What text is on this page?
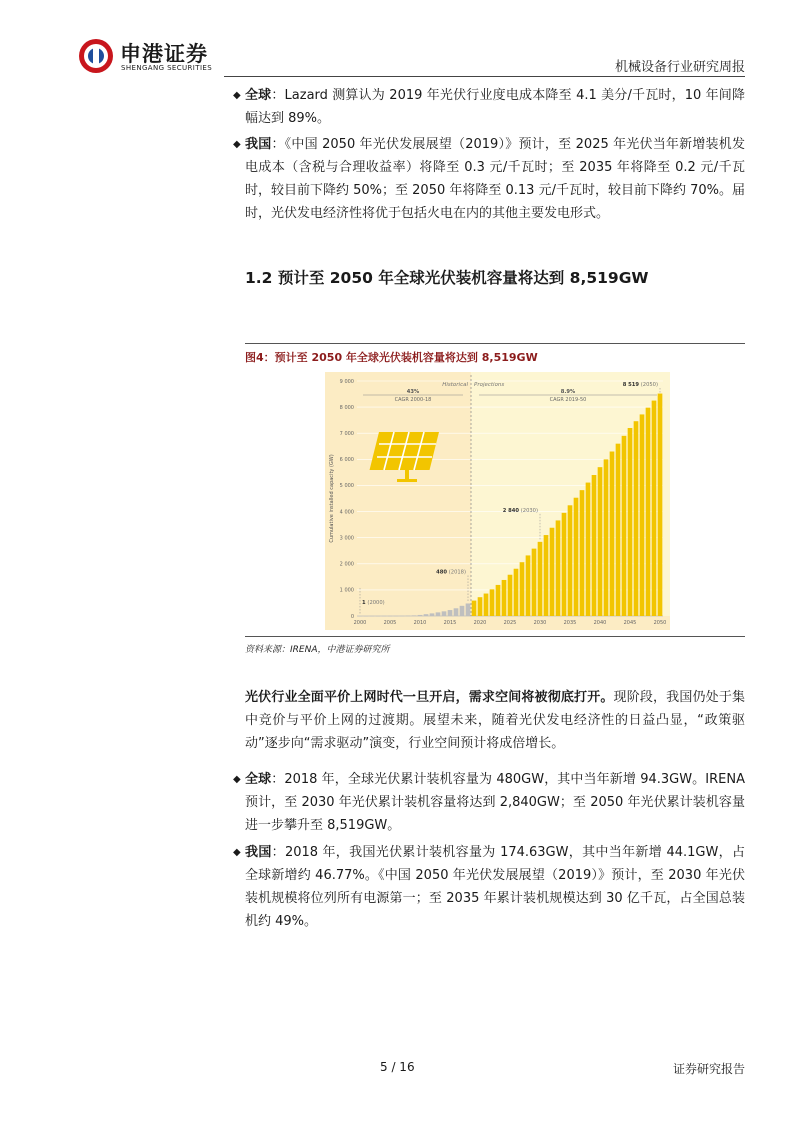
申港证券
SHENGANG SECURITIES	机械设备行业研究周报
◆ 全球：Lazard 测算认为 2019 年光伏行业度电成本降至 4.1 美分/千瓦时，10 年间降幅达到 89%。
◆ 我国：《中国 2050 年光伏发展展望（2019）》预计，至 2025 年光伏当年新增装机发电成本（含税与合理收益率）将降至 0.3 元/千瓦时；至 2035 年将降至 0.2 元/千瓦时，较目前下降约 50%；至 2050 年将降至 0.13 元/千瓦时，较目前下降约 70%。届时，光伏发电经济性将优于包括火电在内的其他主要发电形式。
1.2 预计至 2050 年全球光伏装机容量将达到 8,519GW
图4：预计至 2050 年全球光伏装机容量将达到 8,519GW
0
1 000
2 000
3 000
4 000
5 000
6 000
7 000
8 000
9 000
2000	2005	2010	2015	2020	2025	2030	2035	2040	2045	2050
1 (2000)
480 (2018)
2 840 (2030)
8 519 (2050)
Historical Projections
43%
CAGR 2000-18
8.9%
CAGR 2019-50
Cumulative installed capacity (GW)
资料来源：IRENA，中港证券研究所
光伏行业全面平价上网时代一旦开启，需求空间将被彻底打开。现阶段，我国仍处于集中竞价与平价上网的过渡期。展望未来，随着光伏发电经济性的日益凸显，“政策驱动”逐步向“需求驱动”演变，行业空间预计将成倍增长。
◆ 全球：2018 年，全球光伏累计装机容量为 480GW，其中当年新增 94.3GW。IRENA 预计，至 2030 年光伏累计装机容量将达到 2,840GW；至 2050 年光伏累计装机容量进一步攀升至 8,519GW。
◆ 我国：2018 年，我国光伏累计装机容量为 174.63GW，其中当年新增 44.1GW，占全球新增约 46.77%。《中国 2050 年光伏发展展望（2019）》预计，至 2030 年光伏装机规模将位列所有电源第一；至 2035 年累计装机规模达到 30 亿千瓦，占全国总装机约 49%。
5 / 16	证券研究报告
